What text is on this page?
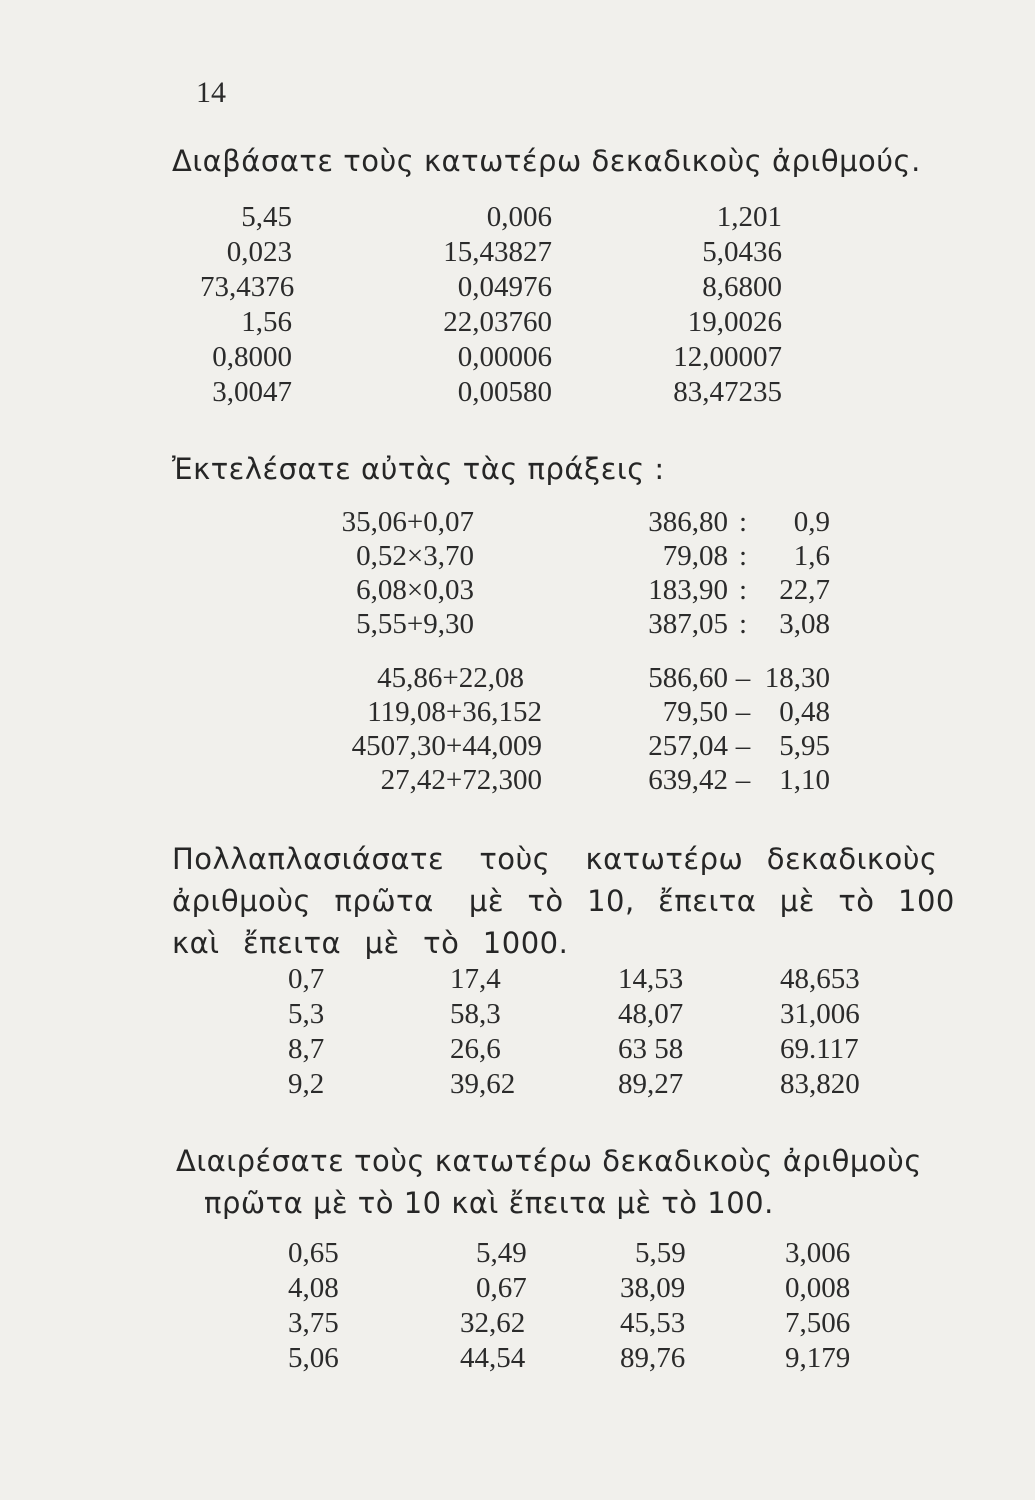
14
Διαβάσατε τοὺς κατωτέρω δεκαδικοὺς ἀριθμούς.
5,45	0,006	1,201
0,023	15,43827	5,0436
73,4376	0,04976	8,6800
1,56	22,03760	19,0026
0,8000	0,00006	12,00007
3,0047	0,00580	83,47235
Ἐκτελέσατε αὐτὰς τὰς πράξεις :
35,06+0,07	386,80 :	0,9
0,52×3,70	79,08 :	1,6
6,08×0,03	183,90 :	22,7
5,55+9,30	387,05 :	3,08
45,86+22,08	586,60 – 18,30
119,08+36,152	79,50 –	0,48
4507,30+44,009	257,04 –	5,95
27,42+72,300	639,42 –	1,10
Πολλαπλασιάσατε   τοὺς   κατωτέρω  δεκαδικοὺς
ἀριθμοὺς  πρῶτα   μὲ  τὸ  10,  ἔπειτα  μὲ  τὸ  100
καὶ  ἔπειτα  μὲ  τὸ  1000.
0,7	17,4	14,53	48,653
5,3	58,3	48,07	31,006
8,7	26,6	63 58	69.117
9,2	39,62	89,27	83,820
Διαιρέσατε τοὺς κατωτέρω δεκαδικοὺς ἀριθμοὺς
πρῶτα μὲ τὸ 10 καὶ ἔπειτα μὲ τὸ 100.
0,65	5,49	5,59	3,006
4,08	0,67	38,09	0,008
3,75	32,62	45,53	7,506
5,06	44,54	89,76	9,179
